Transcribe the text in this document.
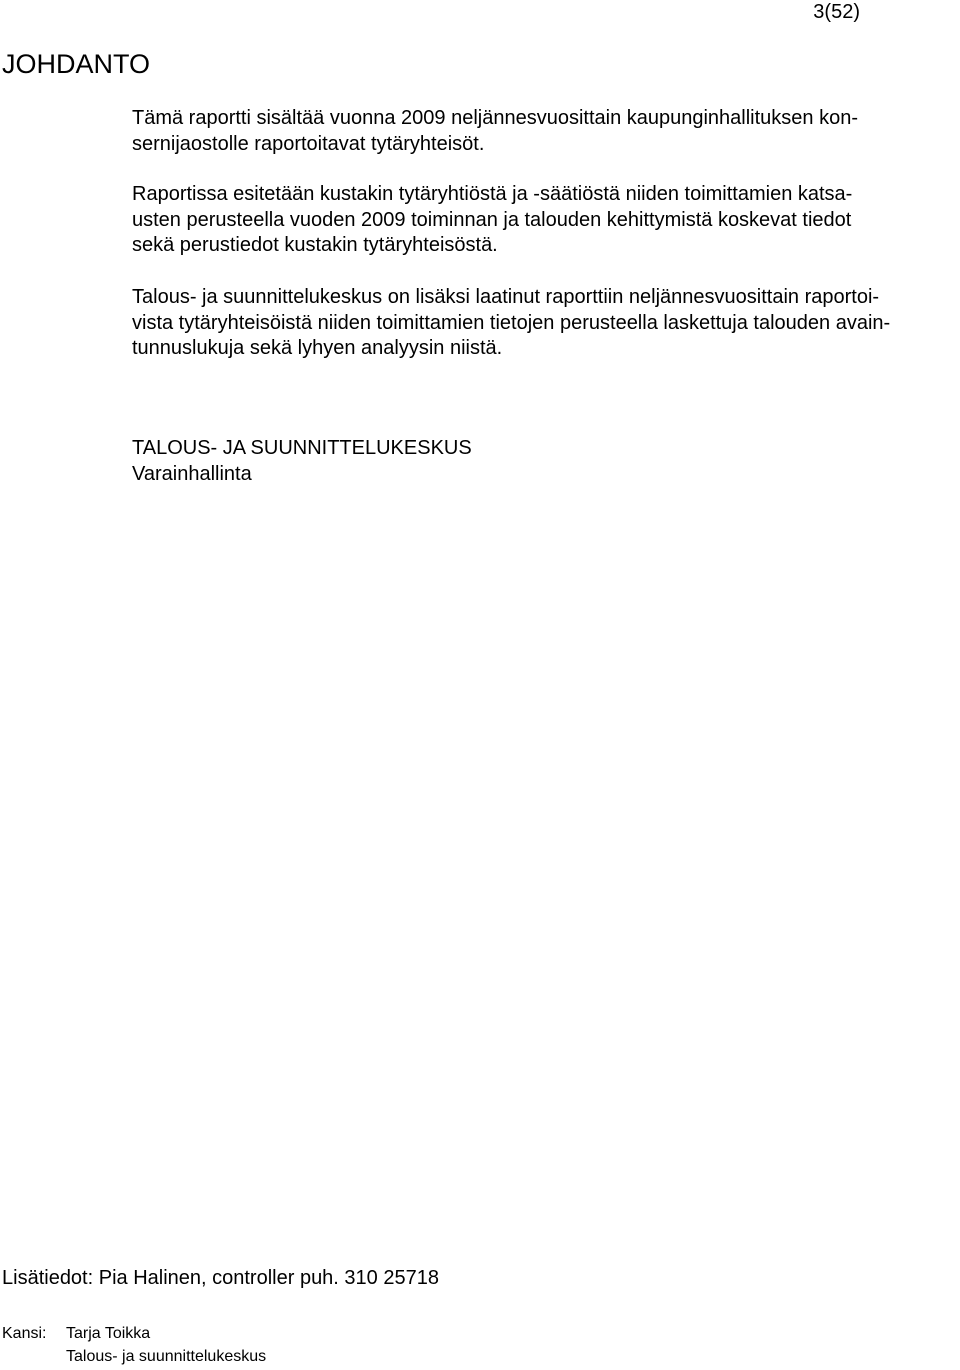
3(52)
JOHDANTO

Tämä raportti sisältää vuonna 2009 neljännesvuosittain kaupunginhallituksen kon-
sernijaostolle raportoitavat tytäryhteisöt.

Raportissa esitetään kustakin tytäryhtiöstä ja -säätiöstä niiden toimittamien katsa-
usten perusteella vuoden 2009 toiminnan ja talouden kehittymistä koskevat tiedot
sekä perustiedot kustakin tytäryhteisöstä.

Talous- ja suunnittelukeskus on lisäksi laatinut raporttiin neljännesvuosittain raportoi-
vista tytäryhteisöistä niiden toimittamien tietojen perusteella laskettuja talouden avain-
tunnuslukuja sekä lyhyen analyysin niistä.

TALOUS- JA SUUNNITTELUKESKUS
Varainhallinta
Lisätiedot: Pia Halinen, controller puh. 310 25718
Kansi:	Tarja Toikka
Talous- ja suunnittelukeskus
